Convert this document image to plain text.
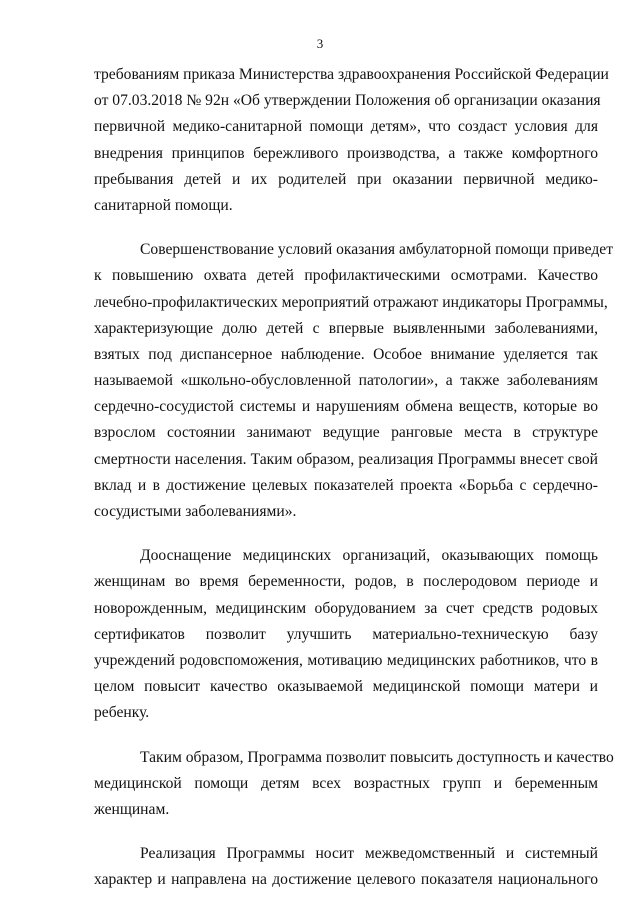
3
требованиям приказа Министерства здравоохранения Российской Федерации
от 07.03.2018 № 92н «Об утверждении Положения об организации оказания
первичной медико-санитарной помощи детям», что создаст условия для
внедрения принципов бережливого производства, а также комфортного
пребывания детей и их родителей при оказании первичной медико-
санитарной помощи.
Совершенствование условий оказания амбулаторной помощи приведет
к повышению охвата детей профилактическими осмотрами. Качество
лечебно-профилактических мероприятий отражают индикаторы Программы,
характеризующие долю детей с впервые выявленными заболеваниями,
взятых под диспансерное наблюдение. Особое внимание уделяется так
называемой «школьно-обусловленной патологии», а также заболеваниям
сердечно-сосудистой системы и нарушениям обмена веществ, которые во
взрослом состоянии занимают ведущие ранговые места в структуре
смертности населения. Таким образом, реализация Программы внесет свой
вклад и в достижение целевых показателей проекта «Борьба с сердечно-
сосудистыми заболеваниями».
Дооснащение медицинских организаций, оказывающих помощь
женщинам во время беременности, родов, в послеродовом периоде и
новорожденным, медицинским оборудованием за счет средств родовых
сертификатов позволит улучшить материально-техническую базу
учреждений родовспоможения, мотивацию медицинских работников, что в
целом повысит качество оказываемой медицинской помощи матери и
ребенку.
Таким образом, Программа позволит повысить доступность и качество
медицинской помощи детям всех возрастных групп и беременным
женщинам.
Реализация Программы носит межведомственный и системный
характер и направлена на достижение целевого показателя национального
